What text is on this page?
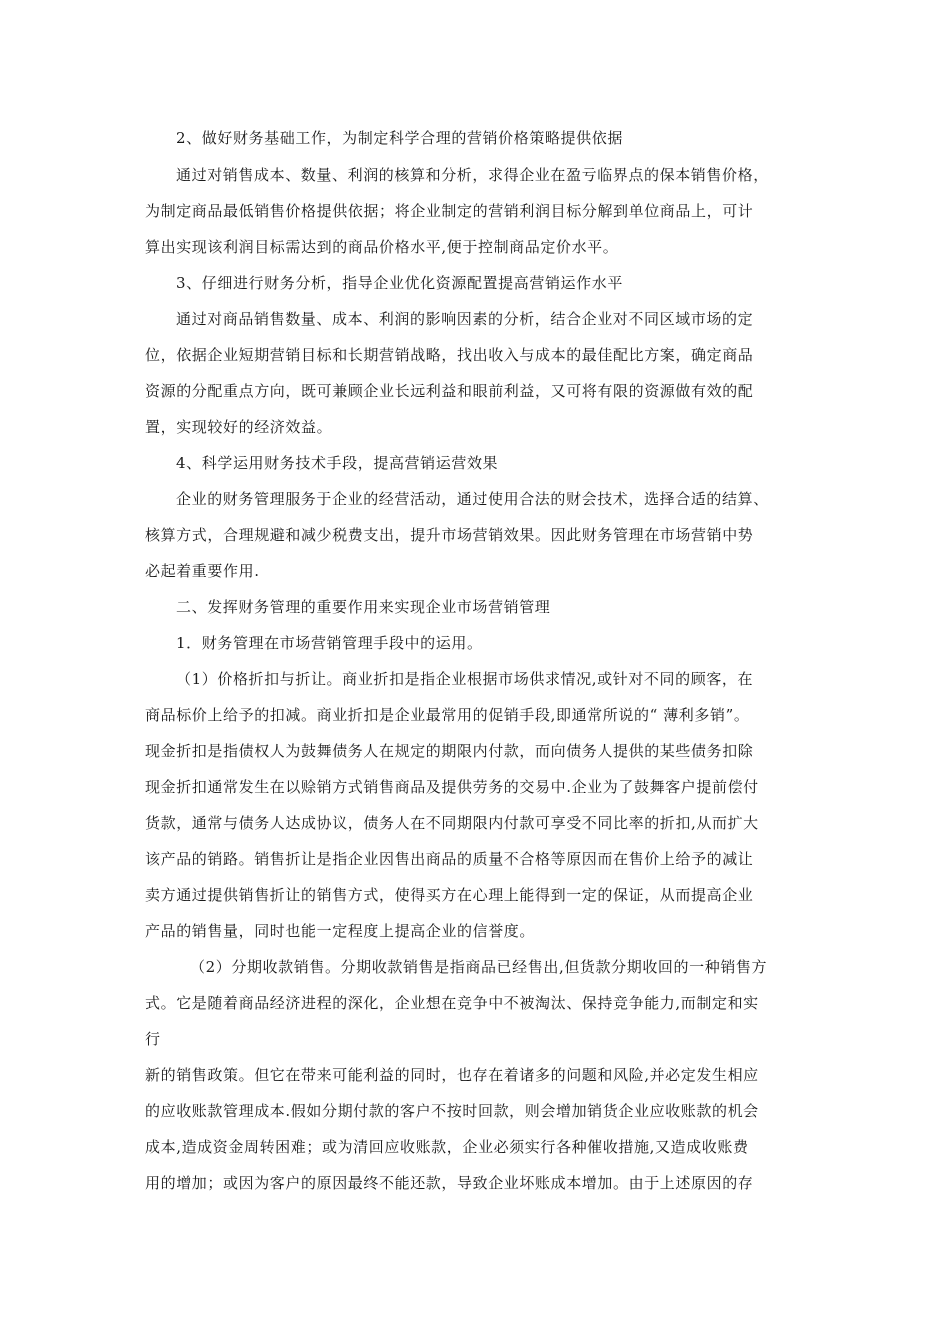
2、做好财务基础工作，为制定科学合理的营销价格策略提供依据
通过对销售成本、数量、利润的核算和分析，求得企业在盈亏临界点的保本销售价格，
为制定商品最低销售价格提供依据；将企业制定的营销利润目标分解到单位商品上，可计
算出实现该利润目标需达到的商品价格水平,便于控制商品定价水平。
3、仔细进行财务分析，指导企业优化资源配置提高营销运作水平
通过对商品销售数量、成本、利润的影响因素的分析，结合企业对不同区域市场的定
位，依据企业短期营销目标和长期营销战略，找出收入与成本的最佳配比方案，确定商品
资源的分配重点方向，既可兼顾企业长远利益和眼前利益，又可将有限的资源做有效的配
置，实现较好的经济效益。
4、科学运用财务技术手段，提高营销运营效果
企业的财务管理服务于企业的经营活动，通过使用合法的财会技术，选择合适的结算、
核算方式，合理规避和减少税费支出，提升市场营销效果。因此财务管理在市场营销中势
必起着重要作用.
二、发挥财务管理的重要作用来实现企业市场营销管理
1．财务管理在市场营销管理手段中的运用。
（1）价格折扣与折让。商业折扣是指企业根据市场供求情况,或针对不同的顾客，在
商品标价上给予的扣减。商业折扣是企业最常用的促销手段,即通常所说的“ 薄利多销”。
现金折扣是指债权人为鼓舞债务人在规定的期限内付款，而向债务人提供的某些债务扣除
现金折扣通常发生在以赊销方式销售商品及提供劳务的交易中.企业为了鼓舞客户提前偿付
货款，通常与债务人达成协议，债务人在不同期限内付款可享受不同比率的折扣,从而扩大
该产品的销路。销售折让是指企业因售出商品的质量不合格等原因而在售价上给予的减让
卖方通过提供销售折让的销售方式，使得买方在心理上能得到一定的保证，从而提高企业
产品的销售量，同时也能一定程度上提高企业的信誉度。
（2）分期收款销售。分期收款销售是指商品已经售出,但货款分期收回的一种销售方
式。它是随着商品经济进程的深化，企业想在竞争中不被淘汰、保持竞争能力,而制定和实
行
新的销售政策。但它在带来可能利益的同时，也存在着诸多的问题和风险,并必定发生相应
的应收账款管理成本.假如分期付款的客户不按时回款，则会增加销货企业应收账款的机会
成本,造成资金周转困难；或为清回应收账款，企业必须实行各种催收措施,又造成收账费
用的增加；或因为客户的原因最终不能还款，导致企业坏账成本增加。由于上述原因的存
